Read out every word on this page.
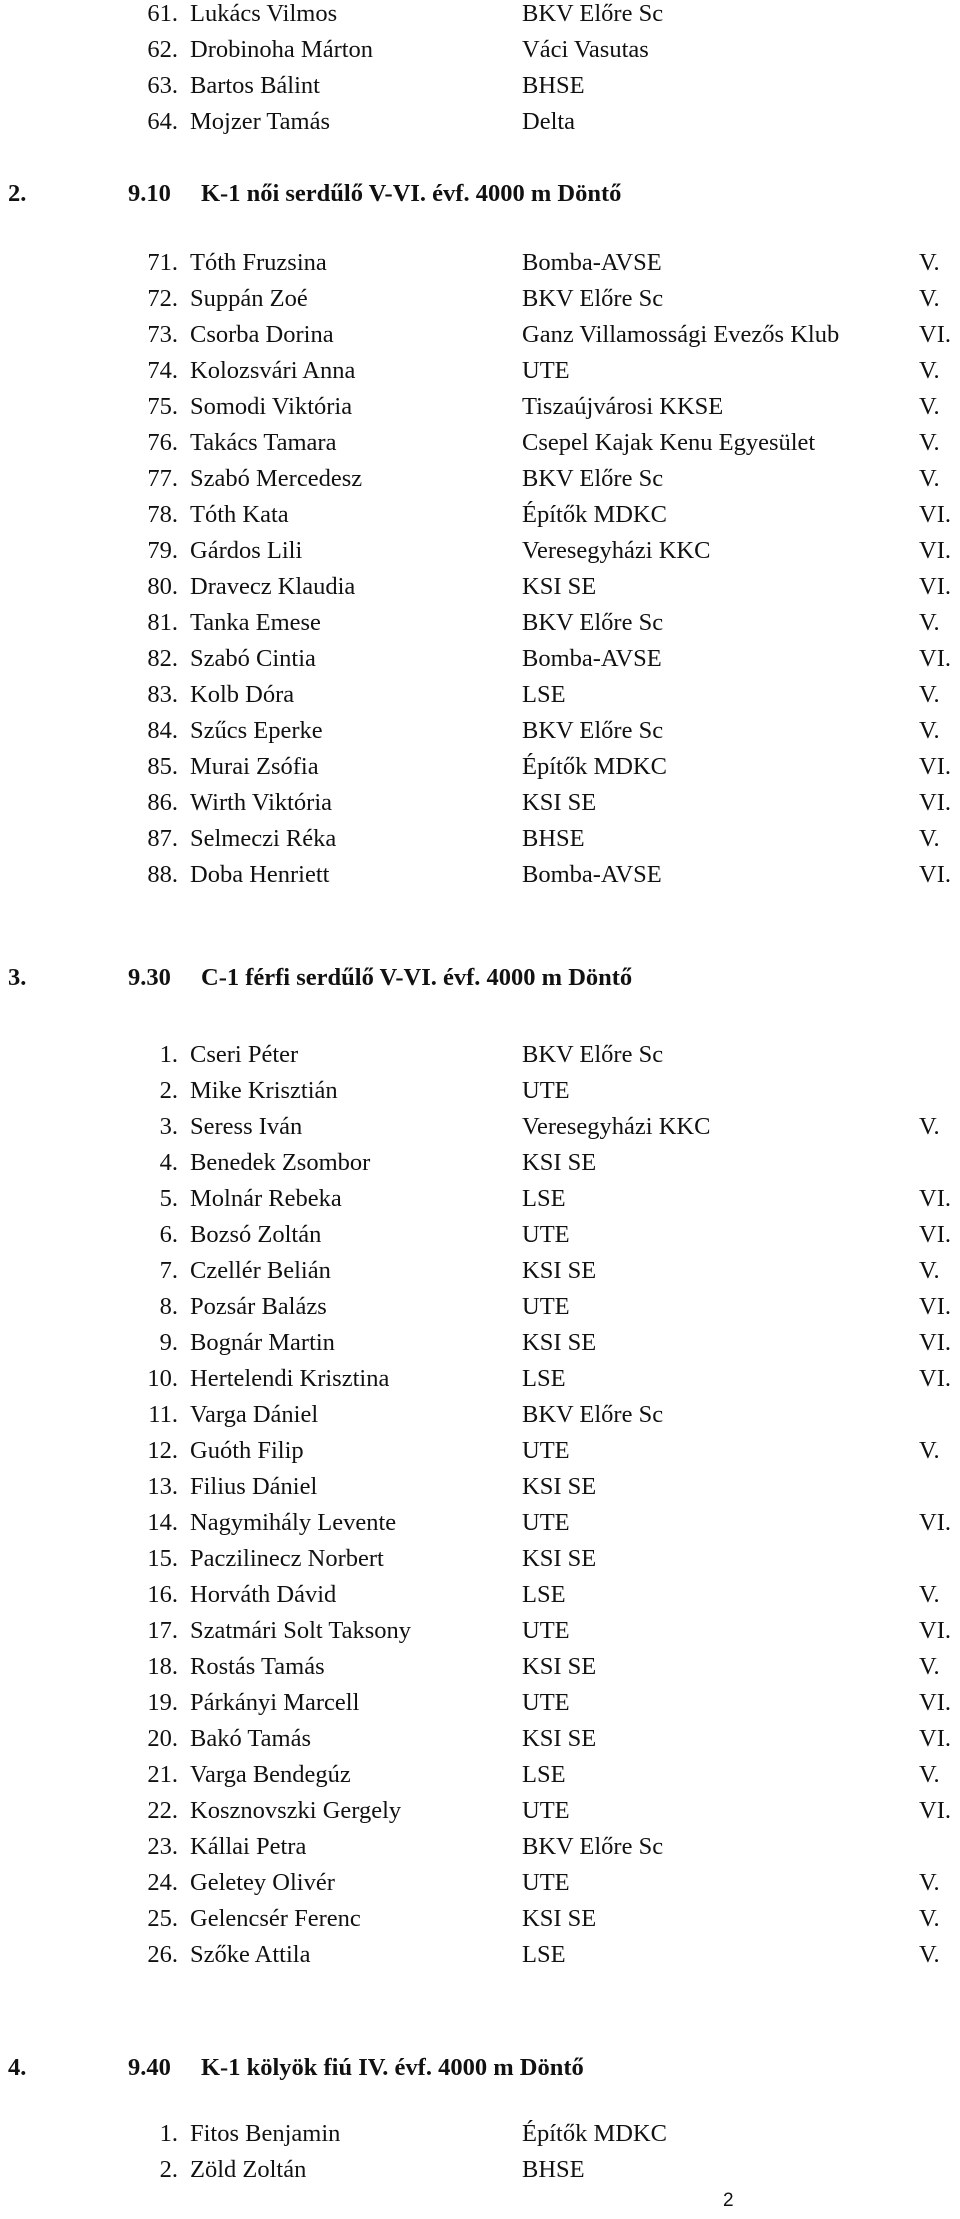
61. Lukács Vilmos	BKV Előre Sc
62. Drobinoha Márton	Váci Vasutas
63. Bartos Bálint	BHSE
64. Mojzer Tamás	Delta
2.	9.10 K-1 női serdűlő V-VI. évf. 4000 m Döntő
71. Tóth Fruzsina	Bomba-AVSE	V.
72. Suppán Zoé	BKV Előre Sc	V.
73. Csorba Dorina	Ganz Villamossági Evezős Klub	VI.
74. Kolozsvári Anna	UTE	V.
75. Somodi Viktória	Tiszaújvárosi KKSE	V.
76. Takács Tamara	Csepel Kajak Kenu Egyesület	V.
77. Szabó Mercedesz	BKV Előre Sc	V.
78. Tóth Kata	Építők MDKC	VI.
79. Gárdos Lili	Veresegyházi KKC	VI.
80. Dravecz Klaudia	KSI SE	VI.
81. Tanka Emese	BKV Előre Sc	V.
82. Szabó Cintia	Bomba-AVSE	VI.
83. Kolb Dóra	LSE	V.
84. Szűcs Eperke	BKV Előre Sc	V.
85. Murai Zsófia	Építők MDKC	VI.
86. Wirth Viktória	KSI SE	VI.
87. Selmeczi Réka	BHSE	V.
88. Doba Henriett	Bomba-AVSE	VI.
3.	9.30 C-1 férfi serdűlő V-VI. évf. 4000 m Döntő
1. Cseri Péter	BKV Előre Sc
2. Mike Krisztián	UTE
3. Seress Iván	Veresegyházi KKC	V.
4. Benedek Zsombor	KSI SE
5. Molnár Rebeka	LSE	VI.
6. Bozsó Zoltán	UTE	VI.
7. Czellér Belián	KSI SE	V.
8. Pozsár Balázs	UTE	VI.
9. Bognár Martin	KSI SE	VI.
10. Hertelendi Krisztina	LSE	VI.
11. Varga Dániel	BKV Előre Sc
12. Guóth Filip	UTE	V.
13. Filius Dániel	KSI SE
14. Nagymihály Levente	UTE	VI.
15. Paczilinecz Norbert	KSI SE
16. Horváth Dávid	LSE	V.
17. Szatmári Solt Taksony	UTE	VI.
18. Rostás Tamás	KSI SE	V.
19. Párkányi Marcell	UTE	VI.
20. Bakó Tamás	KSI SE	VI.
21. Varga Bendegúz	LSE	V.
22. Kosznovszki Gergely	UTE	VI.
23. Kállai Petra	BKV Előre Sc
24. Geletey Olivér	UTE	V.
25. Gelencsér Ferenc	KSI SE	V.
26. Szőke Attila	LSE	V.
4.	9.40 K-1 kölyök fiú IV. évf. 4000 m Döntő
1. Fitos Benjamin	Építők MDKC
2. Zöld Zoltán	BHSE
2
